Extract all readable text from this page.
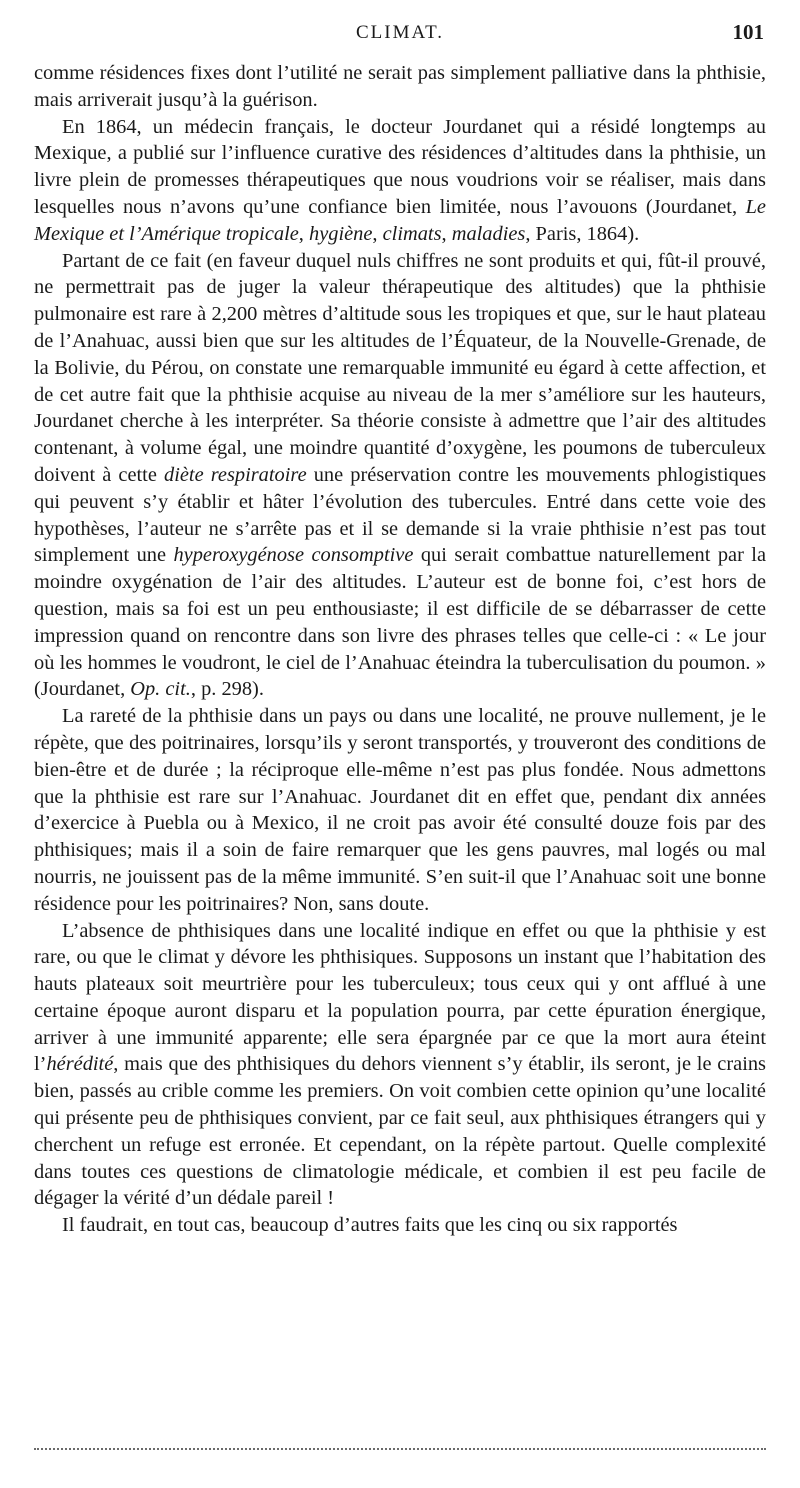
CLIMAT.	101

comme résidences fixes dont l’utilité ne serait pas simplement palliative dans la phthisie, mais arriverait jusqu’à la guérison.

En 1864, un médecin français, le docteur Jourdanet qui a résidé longtemps au Mexique, a publié sur l’influence curative des résidences d’altitudes dans la phthisie, un livre plein de promesses thérapeutiques que nous voudrions voir se réaliser, mais dans lesquelles nous n’avons qu’une confiance bien limitée, nous l’avouons (Jourdanet, Le Mexique et l’Amérique tropicale, hygiène, climats, maladies, Paris, 1864).

Partant de ce fait (en faveur duquel nuls chiffres ne sont produits et qui, fût-il prouvé, ne permettrait pas de juger la valeur thérapeutique des altitudes) que la phthisie pulmonaire est rare à 2,200 mètres d’altitude sous les tropiques et que, sur le haut plateau de l’Anahuac, aussi bien que sur les altitudes de l’Équateur, de la Nouvelle-Grenade, de la Bolivie, du Pérou, on constate une remarquable immunité eu égard à cette affection, et de cet autre fait que la phthisie acquise au niveau de la mer s’améliore sur les hauteurs, Jourdanet cherche à les interpréter. Sa théorie consiste à admettre que l’air des altitudes contenant, à volume égal, une moindre quantité d’oxygène, les poumons de tuberculeux doivent à cette diète respiratoire une préservation contre les mouvements phlogistiques qui peuvent s’y établir et hâter l’évolution des tubercules. Entré dans cette voie des hypothèses, l’auteur ne s’arrête pas et il se demande si la vraie phthisie n’est pas tout simplement une hyperoxygénose consomptive qui serait combattue naturellement par la moindre oxygénation de l’air des altitudes. L’auteur est de bonne foi, c’est hors de question, mais sa foi est un peu enthousiaste; il est difficile de se débarrasser de cette impression quand on rencontre dans son livre des phrases telles que celle-ci : « Le jour où les hommes le voudront, le ciel de l’Anahuac éteindra la tuberculisation du poumon. » (Jourdanet, Op. cit., p. 298).

La rareté de la phthisie dans un pays ou dans une localité, ne prouve nullement, je le répète, que des poitrinaires, lorsqu’ils y seront transportés, y trouveront des conditions de bien-être et de durée ; la réciproque elle-même n’est pas plus fondée. Nous admettons que la phthisie est rare sur l’Anahuac. Jourdanet dit en effet que, pendant dix années d’exercice à Puebla ou à Mexico, il ne croit pas avoir été consulté douze fois par des phthisiques; mais il a soin de faire remarquer que les gens pauvres, mal logés ou mal nourris, ne jouissent pas de la même immunité. S’en suit-il que l’Anahuac soit une bonne résidence pour les poitrinaires? Non, sans doute.

L’absence de phthisiques dans une localité indique en effet ou que la phthisie y est rare, ou que le climat y dévore les phthisiques. Supposons un instant que l’habitation des hauts plateaux soit meurtrière pour les tuberculeux; tous ceux qui y ont afflué à une certaine époque auront disparu et la population pourra, par cette épuration énergique, arriver à une immunité apparente; elle sera épargnée par ce que la mort aura éteint l’hérédité, mais que des phthisiques du dehors viennent s’y établir, ils seront, je le crains bien, passés au crible comme les premiers. On voit combien cette opinion qu’une localité qui présente peu de phthisiques convient, par ce fait seul, aux phthisiques étrangers qui y cherchent un refuge est erronée. Et cependant, on la répète partout. Quelle complexité dans toutes ces questions de climatologie médicale, et combien il est peu facile de dégager la vérité d’un dédale pareil !

Il faudrait, en tout cas, beaucoup d’autres faits que les cinq ou six rapportés
